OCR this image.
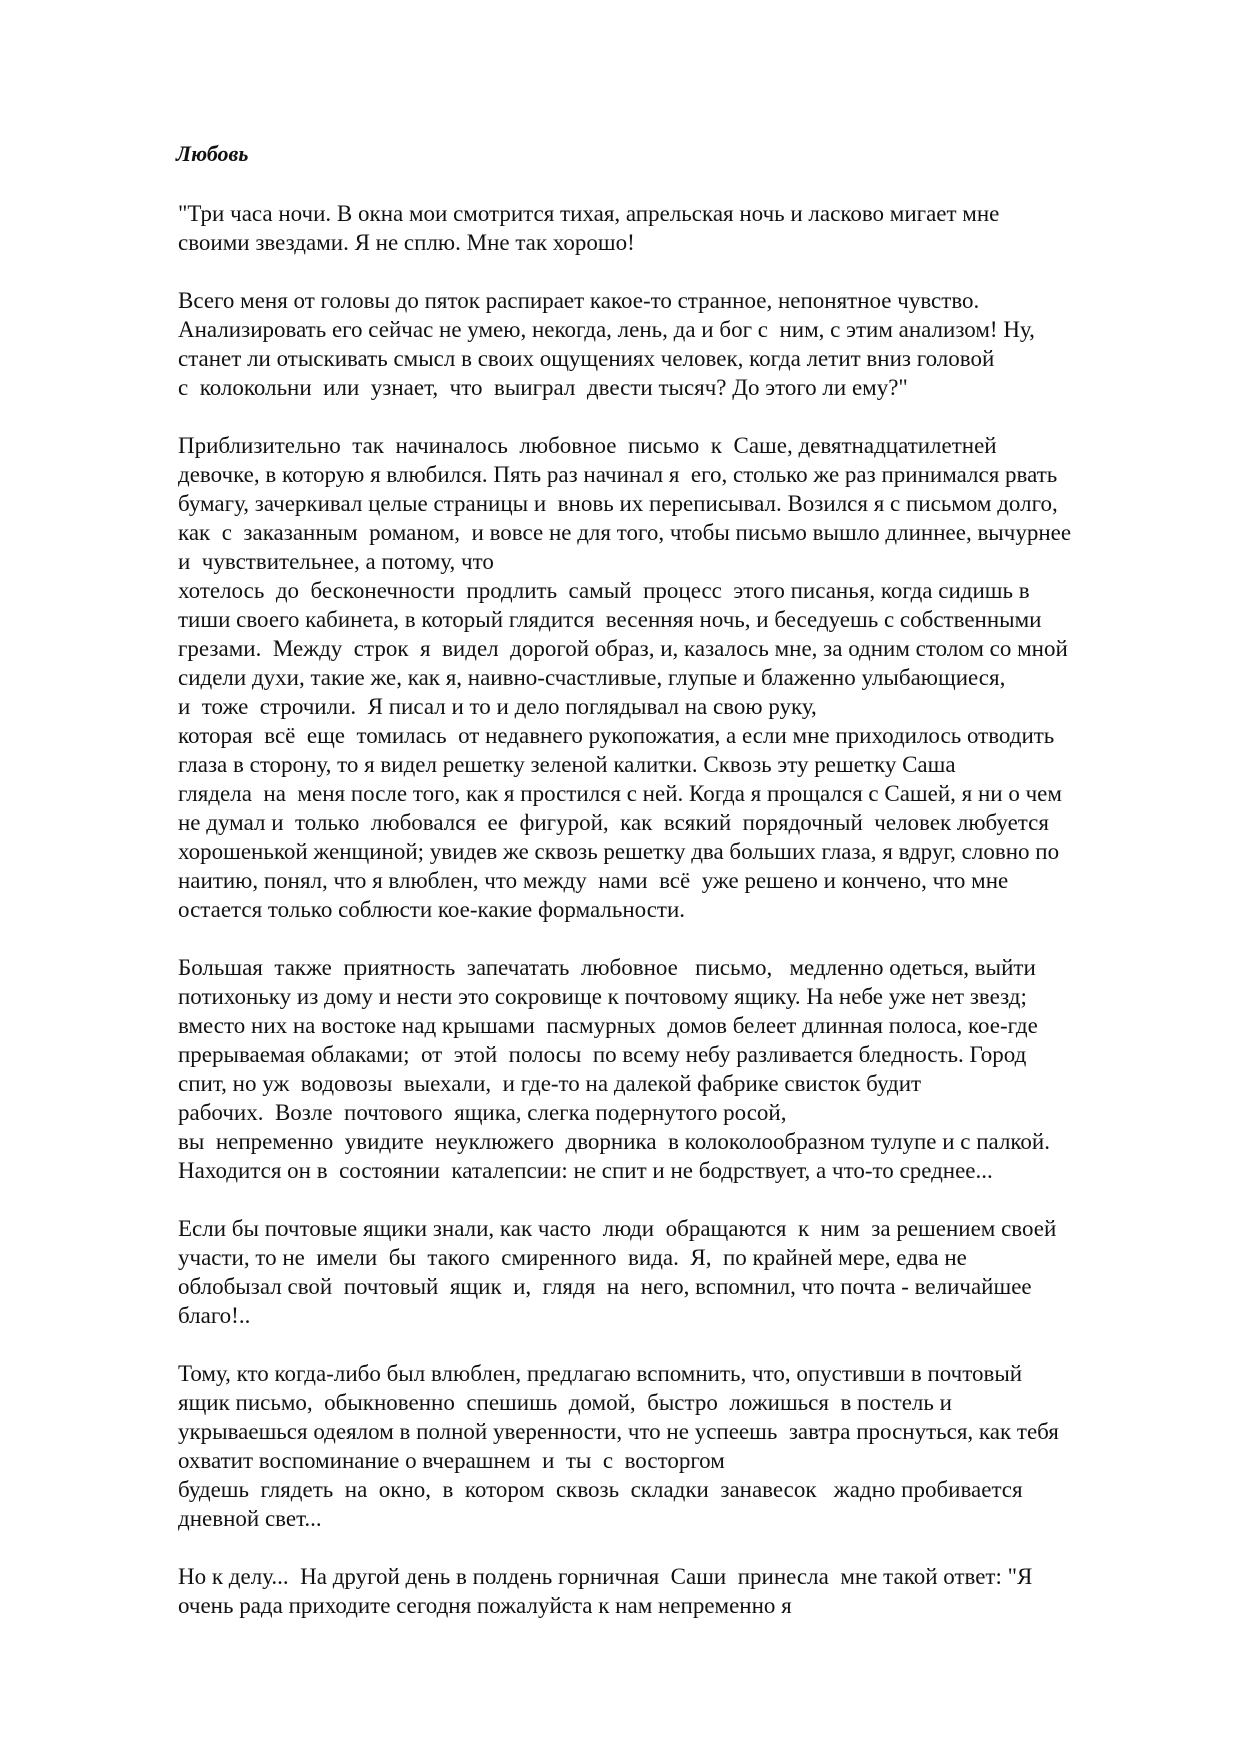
Любовь

"Три часа ночи. В окна мои смотрится тихая, апрельская ночь и ласково мигает мне
своими звездами. Я не сплю. Мне так хорошо!

Всего меня от головы до пяток распирает какое-то странное, непонятное чувство.
Анализировать его сейчас не умею, некогда, лень, да и бог с  ним, с этим анализом! Ну,
станет ли отыскивать смысл в своих ощущениях человек, когда летит вниз головой
с  колокольни  или  узнает,  что  выиграл  двести тысяч? До этого ли ему?"

Приблизительно  так  начиналось  любовное  письмо  к  Саше, девятнадцатилетней
девочке, в которую я влюбился. Пять раз начинал я  его, столько же раз принимался рвать
бумагу, зачеркивал целые страницы и  вновь их переписывал. Возился я с письмом долго,
как  с  заказанным  романом,  и вовсе не для того, чтобы письмо вышло длиннее, вычурнее
и  чувствительнее, а потому, что
хотелось  до  бесконечности  продлить  самый  процесс  этого писанья, когда сидишь в
тиши своего кабинета, в который глядится  весенняя ночь, и беседуешь с собственными
грезами.  Между  строк  я  видел  дорогой образ, и, казалось мне, за одним столом со мной
сидели духи, такие же, как я, наивно-счастливые, глупые и блаженно улыбающиеся,
и  тоже  строчили.  Я писал и то и дело поглядывал на свою руку,
которая  всё  еще  томилась  от недавнего рукопожатия, а если мне приходилось отводить
глаза в сторону, то я видел решетку зеленой калитки. Сквозь эту решетку Саша
глядела  на  меня после того, как я простился с ней. Когда я прощался с Сашей, я ни о чем
не думал и  только  любовался  ее  фигурой,  как  всякий  порядочный  человек любуется
хорошенькой женщиной; увидев же сквозь решетку два больших глаза, я вдруг, словно по
наитию, понял, что я влюблен, что между  нами  всё  уже решено и кончено, что мне
остается только соблюсти кое-какие формальности.

Большая  также  приятность  запечатать  любовное   письмо,   медленно одеться, выйти
потихоньку из дому и нести это сокровище к почтовому ящику. На небе уже нет звезд;
вместо них на востоке над крышами  пасмурных  домов белеет длинная полоса, кое-где
прерываемая облаками;  от  этой  полосы  по всему небу разливается бледность. Город
спит, но уж  водовозы  выехали,  и где-то на далекой фабрике свисток будит
рабочих.  Возле  почтового  ящика, слегка подернутого росой,
вы  непременно  увидите  неуклюжего  дворника  в колоколообразном тулупе и с палкой.
Находится он в  состоянии  каталепсии: не спит и не бодрствует, а что-то среднее...

Если бы почтовые ящики знали, как часто  люди  обращаются  к  ним  за решением своей
участи, то не  имели  бы  такого  смиренного  вида.  Я,  по крайней мере, едва не
облобызал свой  почтовый  ящик  и,  глядя  на  него, вспомнил, что почта - величайшее
благо!..

Тому, кто когда-либо был влюблен, предлагаю вспомнить, что, опустивши в почтовый
ящик письмо,  обыкновенно  спешишь  домой,  быстро  ложишься  в постель и
укрываешься одеялом в полной уверенности, что не успеешь  завтра проснуться, как тебя
охватит воспоминание о вчерашнем  и  ты  с  восторгом
будешь  глядеть  на  окно,  в  котором  сквозь  складки  занавесок   жадно пробивается
дневной свет...

Но к делу...  На другой день в полдень горничная  Саши  принесла  мне такой ответ: "Я
очень рада приходите сегодня пожалуйста к нам непременно я
